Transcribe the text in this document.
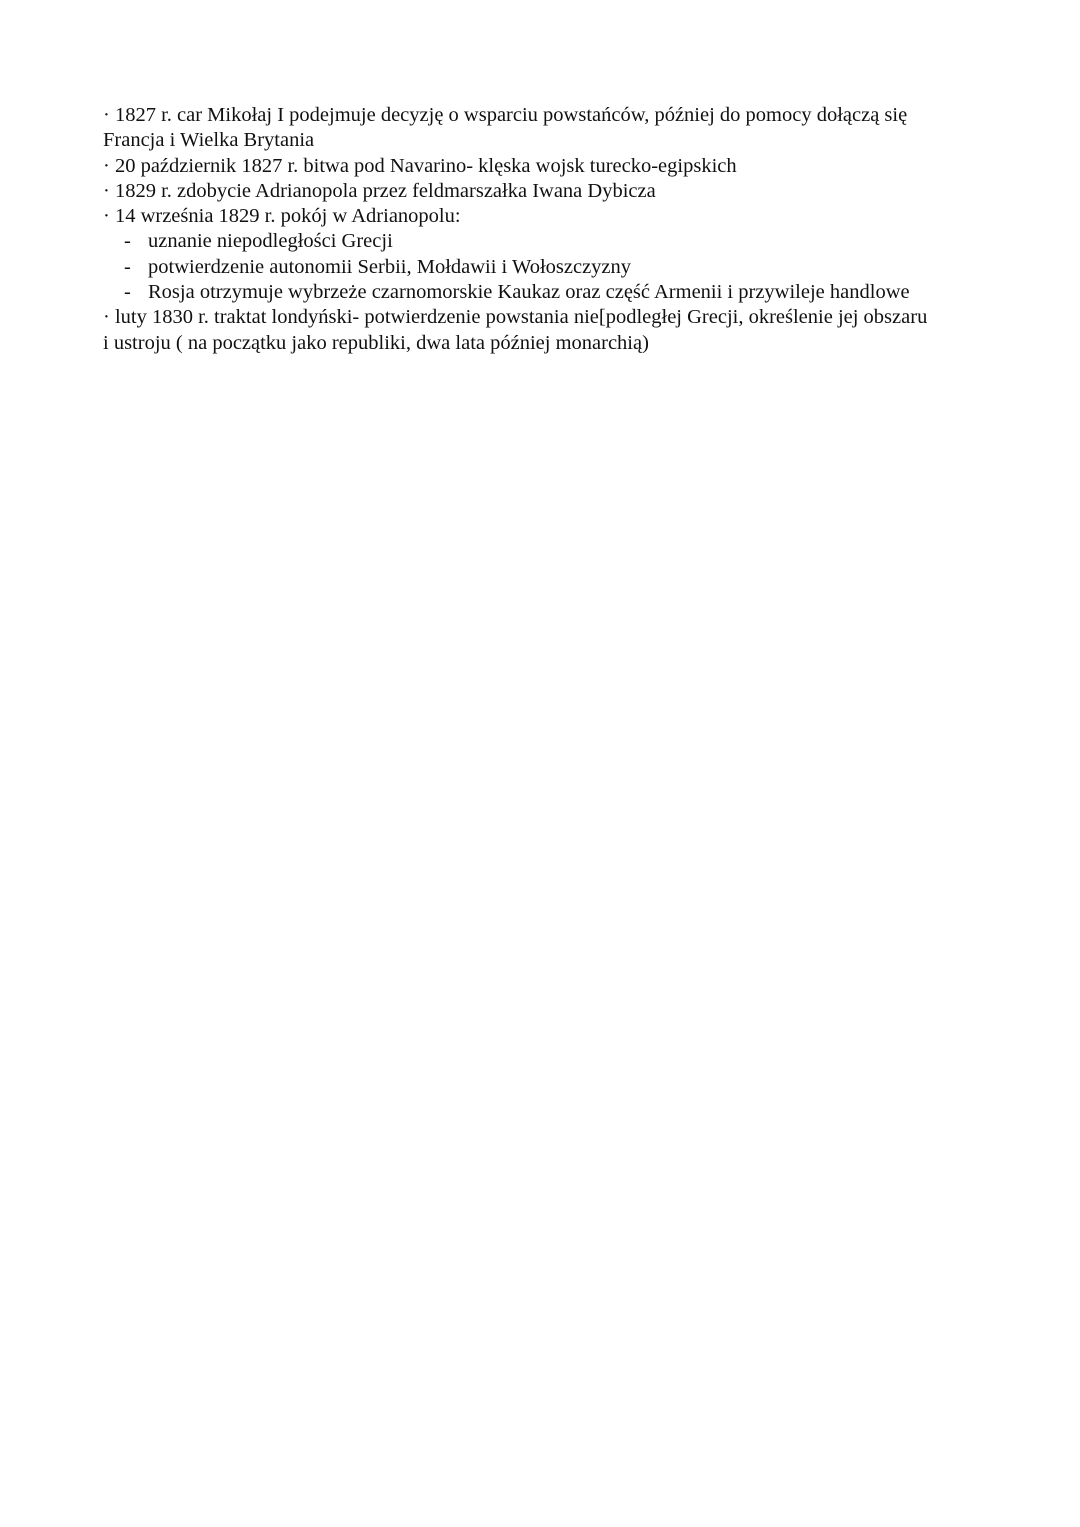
· 1827 r. car Mikołaj I podejmuje decyzję o wsparciu powstańców, później do pomocy dołączą się
Francja i Wielka Brytania
· 20 październik 1827 r. bitwa pod Navarino- klęska wojsk turecko-egipskich
· 1829 r. zdobycie Adrianopola przez feldmarszałka Iwana Dybicza
· 14 września 1829 r. pokój w Adrianopolu:
- uznanie niepodległości Grecji
- potwierdzenie autonomii Serbii, Mołdawii i Wołoszczyzny
- Rosja otrzymuje wybrzeże czarnomorskie Kaukaz oraz część Armenii i przywileje handlowe
· luty 1830 r. traktat londyński- potwierdzenie powstania nie[podległej Grecji, określenie jej obszaru
i ustroju ( na początku jako republiki, dwa lata później monarchią)
